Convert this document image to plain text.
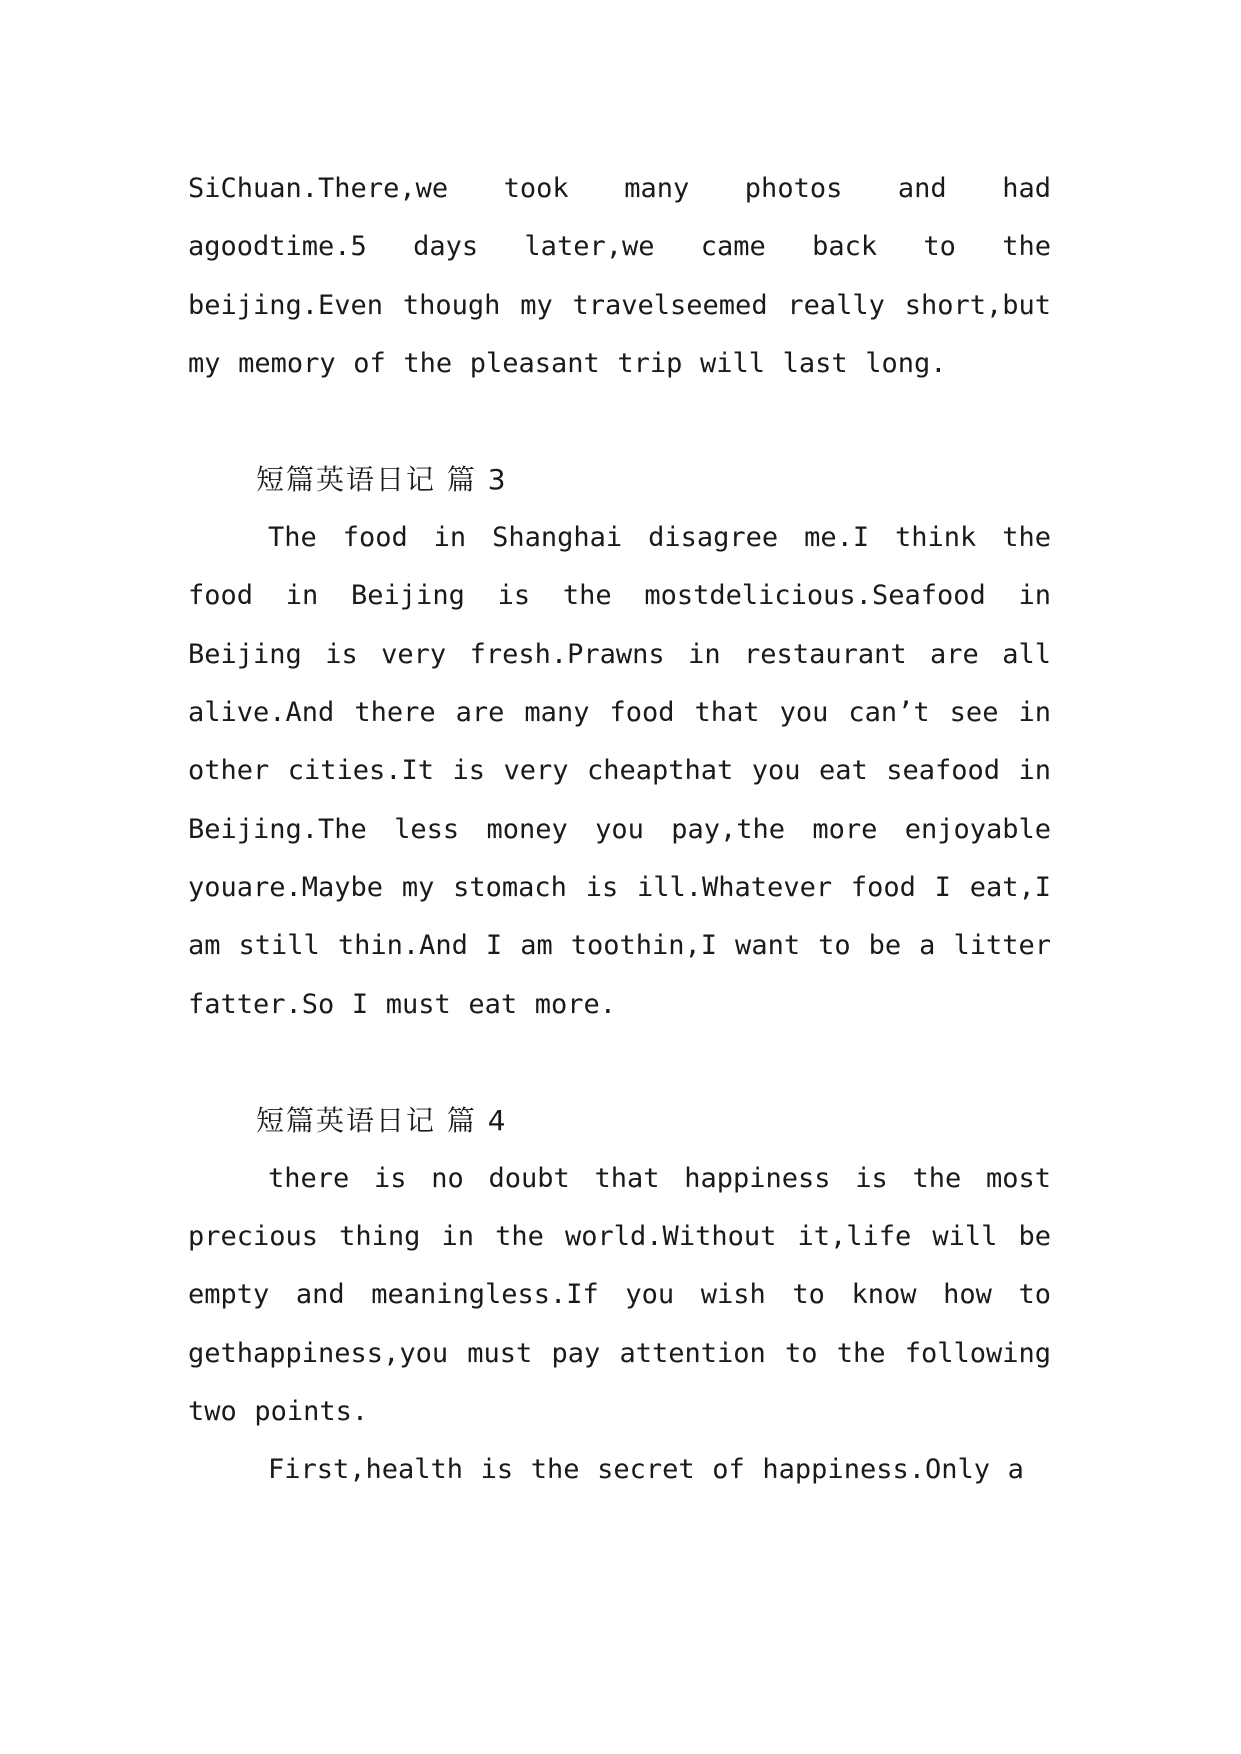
SiChuan.There,we took many photos and had agoodtime.5 days later,we came back to the beijing.Even though my travelseemed really short,but my memory of the pleasant trip will last long.

短篇英语日记 篇 3

The food in Shanghai disagree me.I think the food in Beijing is the mostdelicious.Seafood in Beijing is very fresh.Prawns in restaurant are all alive.And there are many food that you can’t see in other cities.It is very cheapthat you eat seafood in Beijing.The less money you pay,the more enjoyable youare.Maybe my stomach is ill.Whatever food I eat,I am still thin.And I am toothin,I want to be a litter fatter.So I must eat more.

短篇英语日记 篇 4

there is no doubt that happiness is the most precious thing in the world.Without it,life will be empty and meaningless.If you wish to know how to gethappiness,you must pay attention to the following two points.

First,health is the secret of happiness.Only a
